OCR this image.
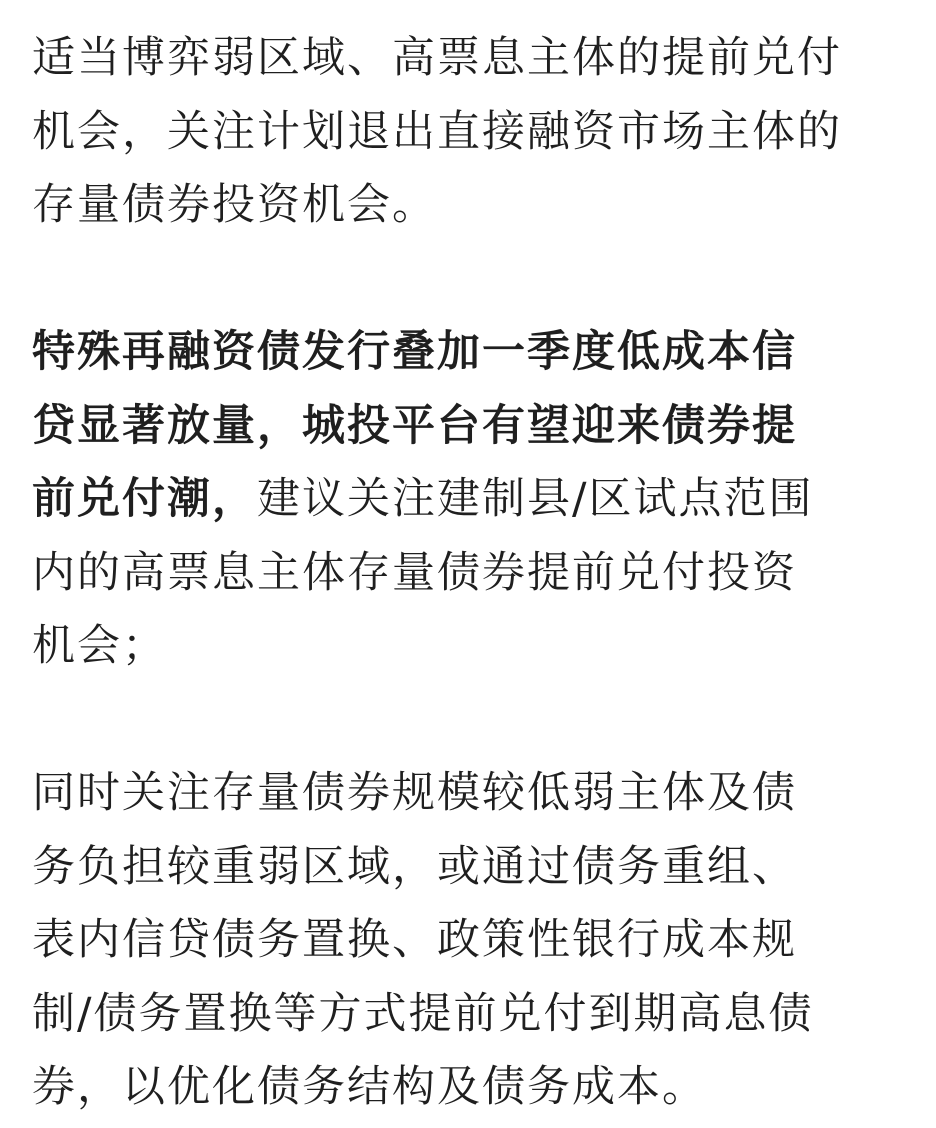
适当博弈弱区域、高票息主体的提前兑付
机会，关注计划退出直接融资市场主体的
存量债券投资机会。
特殊再融资债发行叠加一季度低成本信
贷显著放量，城投平台有望迎来债券提
前兑付潮，建议关注建制县/区试点范围
内的高票息主体存量债券提前兑付投资
机会；
同时关注存量债券规模较低弱主体及债
务负担较重弱区域，或通过债务重组、
表内信贷债务置换、政策性银行成本规
制/债务置换等方式提前兑付到期高息债
券，以优化债务结构及债务成本。
